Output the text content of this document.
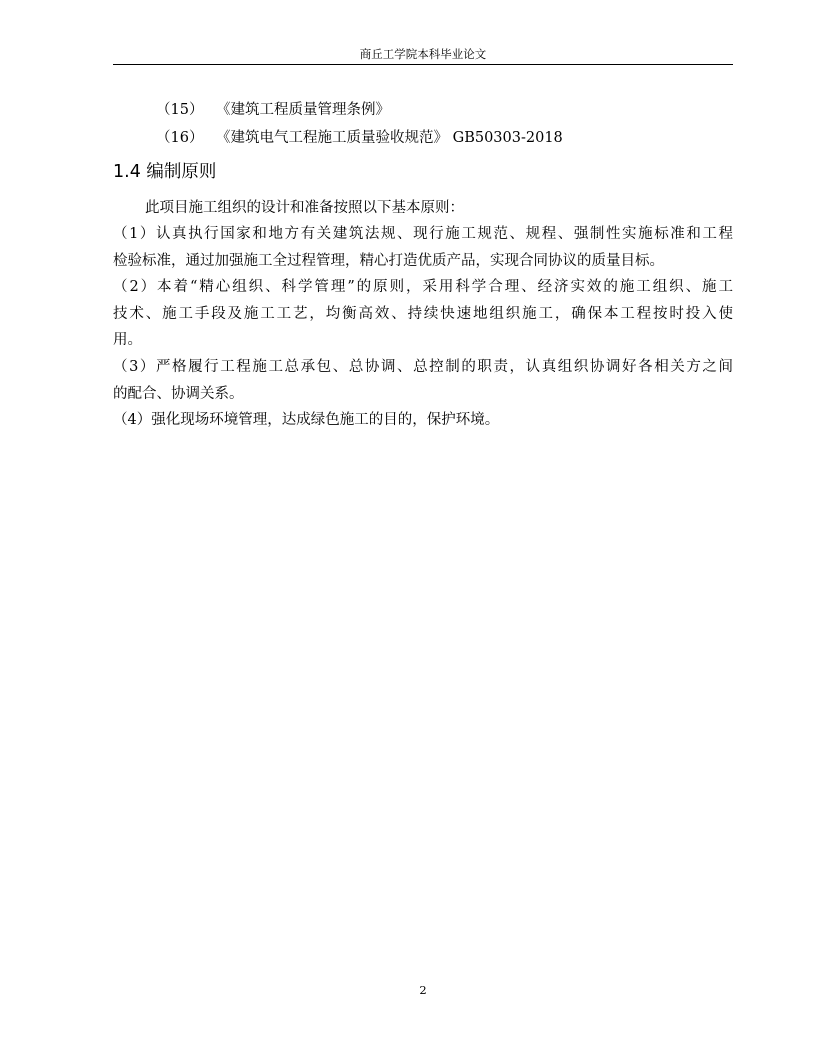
商丘工学院本科毕业论文
（15） 《建筑工程质量管理条例》
（16） 《建筑电气工程施工质量验收规范》 GB50303-2018
1.4 编制原则
此项目施工组织的设计和准备按照以下基本原则：
（1）认真执行国家和地方有关建筑法规、现行施工规范、规程、强制性实施标准和工程
检验标准，通过加强施工全过程管理，精心打造优质产品，实现合同协议的质量目标。
（2）本着“精心组织、科学管理”的原则，采用科学合理、经济实效的施工组织、施工
技术、施工手段及施工工艺，均衡高效、持续快速地组织施工，确保本工程按时投入使
用。
（3）严格履行工程施工总承包、总协调、总控制的职责，认真组织协调好各相关方之间
的配合、协调关系。
（4）强化现场环境管理，达成绿色施工的目的，保护环境。
2
